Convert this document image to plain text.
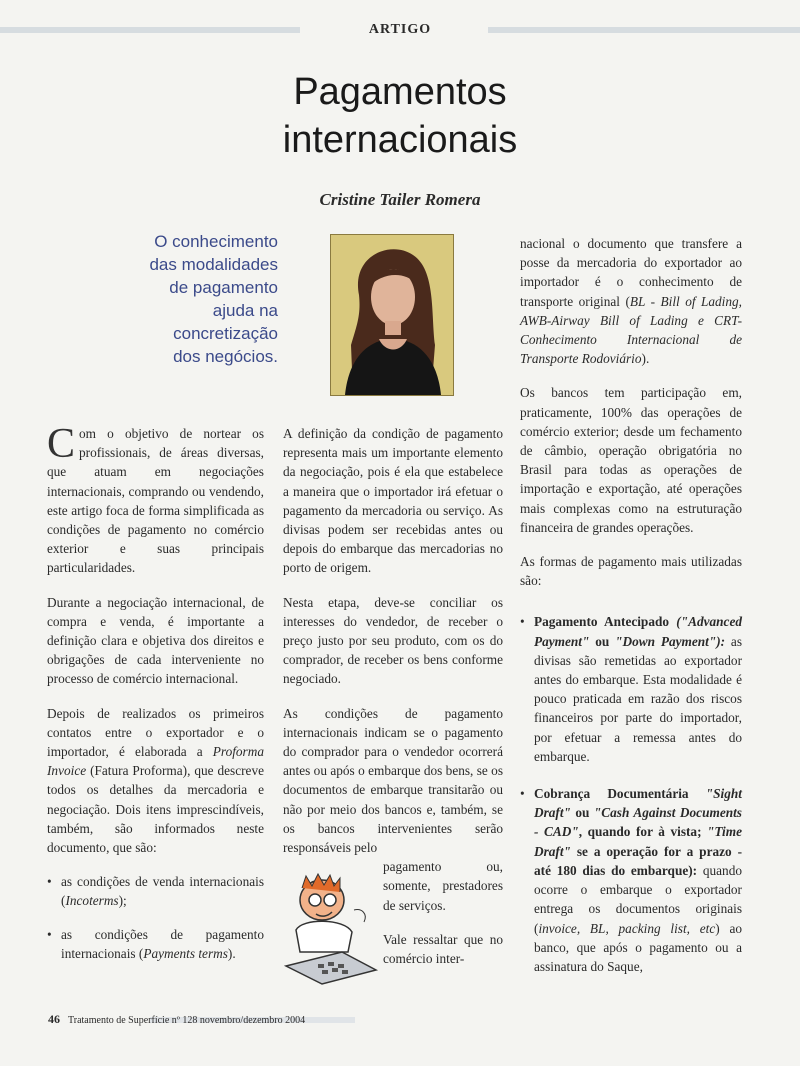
ARTIGO
Pagamentos
internacionais
Cristine Tailer Romera
O conhecimento
das modalidades
de pagamento
ajuda na
concretização
dos negócios.

Com o objetivo de nortear os profissionais, de áreas diversas, que atuam em negociações internacionais, comprando ou vendendo, este artigo foca de forma simplificada as condições de pagamento no comércio exterior e suas principais particularidades.

Durante a negociação internacional, de compra e venda, é importante a definição clara e objetiva dos direitos e obrigações de cada interveniente no processo de comércio internacional.

Depois de realizados os primeiros contatos entre o exportador e o importador, é elaborada a Proforma Invoice (Fatura Proforma), que descreve todos os detalhes da mercadoria e negociação. Dois itens imprescindíveis, também, são informados neste documento, que são:

• as condições de venda internacionais (Incoterms);
• as condições de pagamento internacionais (Payments terms).

A definição da condição de pagamento representa mais um importante elemento da negociação, pois é ela que estabelece a maneira que o importador irá efetuar o pagamento da mercadoria ou serviço. As divisas podem ser recebidas antes ou depois do embarque das mercadorias no porto de origem.

Nesta etapa, deve-se conciliar os interesses do vendedor, de receber o preço justo por seu produto, com os do comprador, de receber os bens conforme negociado.

As condições de pagamento internacionais indicam se o pagamento do comprador para o vendedor ocorrerá antes ou após o embarque dos bens, se os documentos de embarque transitarão ou não por meio dos bancos e, também, se os bancos intervenientes serão responsáveis pelo

pagamento ou, somente, prestadores de serviços.

Vale ressaltar que no comércio inter-

nacional o documento que transfere a posse da mercadoria do exportador ao importador é o conhecimento de transporte original (BL - Bill of Lading, AWB-Airway Bill of Lading e CRT-Conhecimento Internacional de Transporte Rodoviário).

Os bancos tem participação em, praticamente, 100% das operações de comércio exterior; desde um fechamento de câmbio, operação obrigatória no Brasil para todas as operações de importação e exportação, até operações mais complexas como na estruturação financeira de grandes operações.

As formas de pagamento mais utilizadas são:

• Pagamento Antecipado ("Advanced Payment" ou "Down Payment"): as divisas são remetidas ao exportador antes do embarque. Esta modalidade é pouco praticada em razão dos riscos financeiros por parte do importador, por efetuar a remessa antes do embarque.
• Cobrança Documentária "Sight Draft" ou "Cash Against Documents - CAD", quando for à vista; "Time Draft" se a operação for a prazo - até 180 dias do embarque): quando ocorre o embarque o exportador entrega os documentos originais (invoice, BL, packing list, etc) ao banco, que após o pagamento ou a assinatura do Saque,
46 Tratamento de Superfície nº 128 novembro/dezembro 2004
